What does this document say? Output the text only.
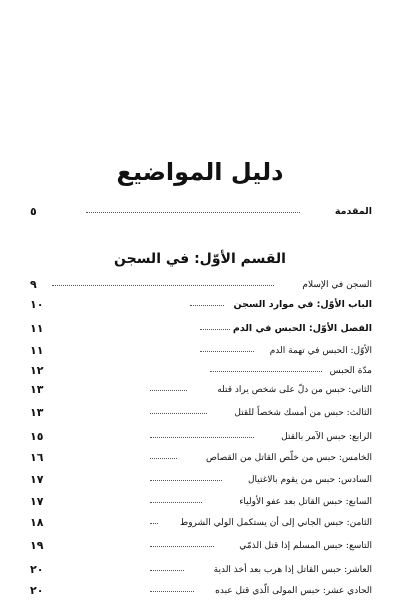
دليل المواضيع
٥	المقدمة
القسم الأوّل: في السجن
٩	السجن في الإسلام
١٠	الباب الأوّل: في موارد السجن
١١	الفصل الأوّل: الحبس في الدم
١١	الأوّل: الحبس في تهمة الدم
١٢	مدّة الحبس
١٣	الثاني: حبس من دلّ على شخص يراد قتله
١٣	الثالث: حبس من أمسك شخصاً للقتل
١٥	الرابع: حبس الآمر بالقتل
١٦	الخامس: حبس من خلّص القاتل من القصاص
١٧	السادس: حبس من يقوم بالاغتيال
١٧	السابع: حبس القاتل بعد عفو الأولياء
١٨	الثامن: حبس الجاني إلى أن يستكمل الولي الشروط
١٩	التاسع: حبس المسلم إذا قتل الذمّي
٢٠	العاشر: حبس القاتل إذا هرب بعد أخذ الدية
٢٠	الحادي عشر: حبس المولى الّذي قتل عبده
